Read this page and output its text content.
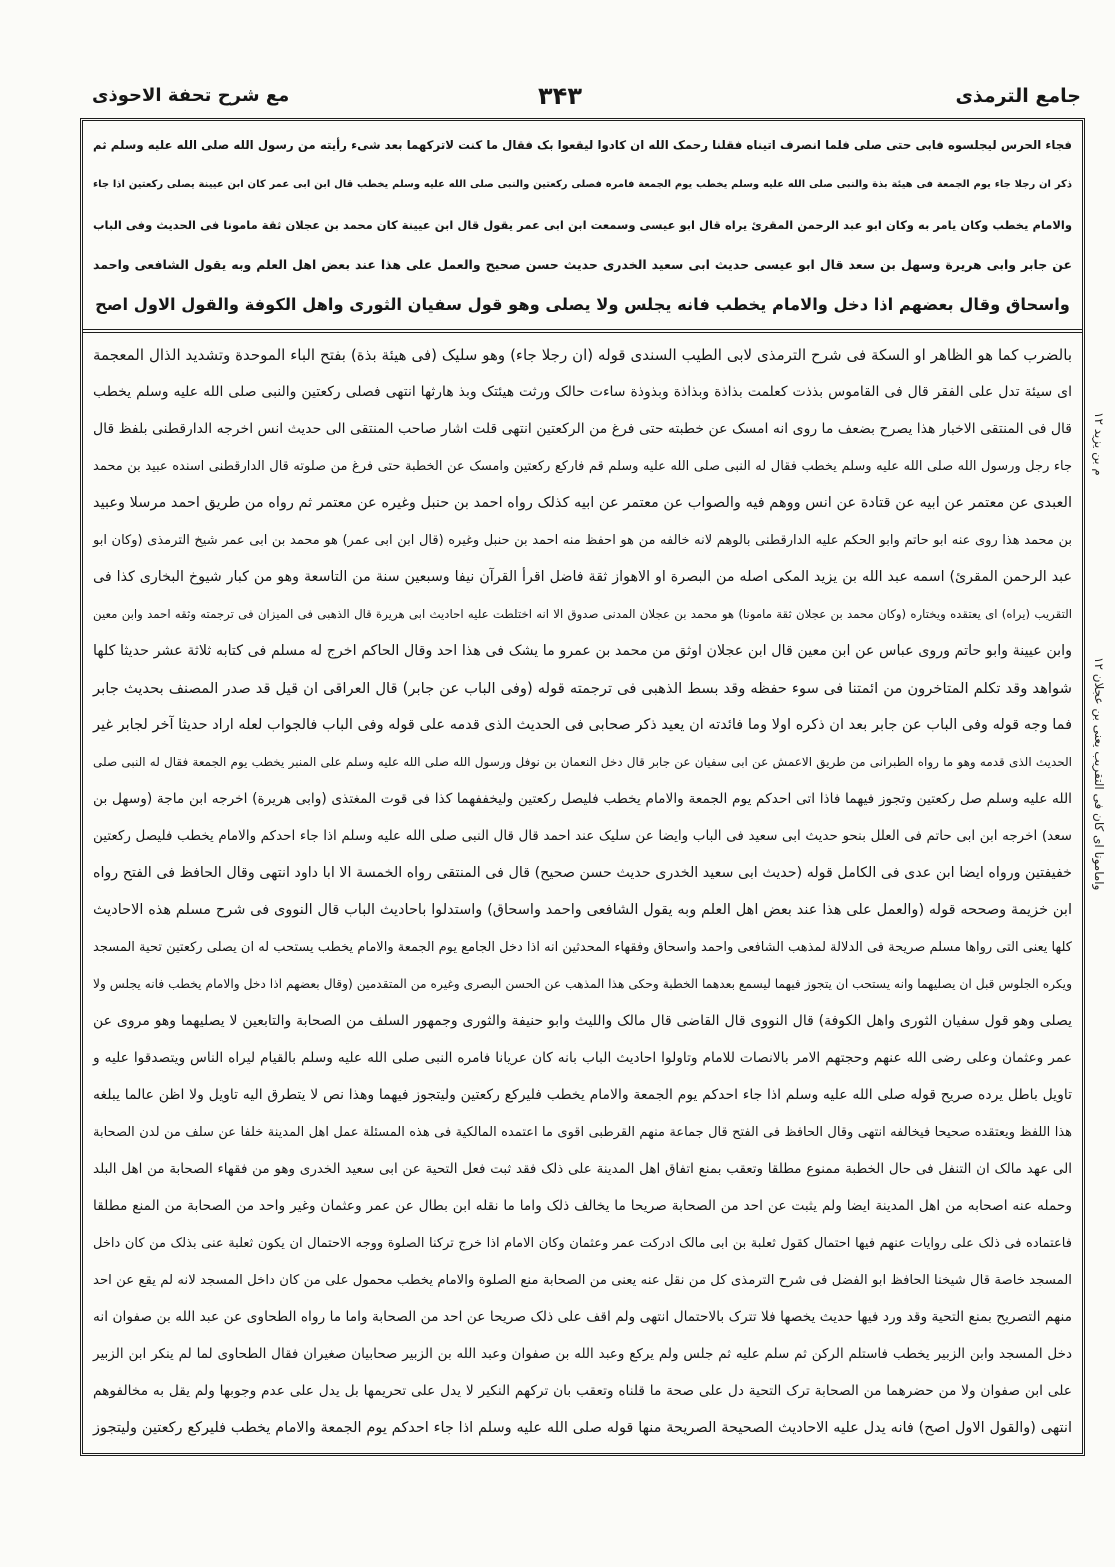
جامع الترمذی
۳۴۳
مع شرح تحفة الاحوذی
فجاء الحرس لیجلسوه فابی حتی صلی فلما انصرف اتیناه فقلنا رحمک الله ان کادوا لیقعوا بک فقال ما کنت لاترکهما بعد شیء رأیته من رسول الله صلی الله علیه وسلم ثم
ذکر ان رجلا جاء یوم الجمعة فی هیئة بذة والنبی صلی الله علیه وسلم یخطب یوم الجمعة فامره فصلی رکعتین والنبی صلی الله علیه وسلم یخطب قال ابن ابی عمر کان ابن عیینة یصلی رکعتین اذا جاء
والامام یخطب وکان یامر به وکان ابو عبد الرحمن المقرئ یراه قال ابو عیسی وسمعت ابن ابی عمر یقول قال ابن عیینة کان محمد بن عجلان ثقة مامونا فی الحدیث وفی الباب
عن جابر وابی هریرة وسهل بن سعد قال ابو عیسی حدیث ابی سعید الخدری حدیث حسن صحیح والعمل علی هذا عند بعض اهل العلم وبه یقول الشافعی واحمد
واسحاق وقال بعضهم اذا دخل والامام یخطب فانه یجلس ولا یصلی وهو قول سفیان الثوری واهل الکوفة والقول الاول اصح
بالضرب کما هو الظاهر او السکة فی شرح الترمذی لابی الطیب السندی قوله (ان رجلا جاء) وهو سلیک (فی هیئة بذة) بفتح الباء الموحدة وتشدید الذال المعجمة
ای سیئة تدل علی الفقر قال فی القاموس بذذت کعلمت بذاذة وبذاذة وبذوذة ساءت حالک ورثت هیئتک وبذ هارثها انتهی فصلی رکعتین والنبی صلی الله علیه وسلم یخطب
قال فی المنتقی الاخبار هذا یصرح بضعف ما روی انه امسک عن خطبته حتی فرغ من الرکعتین انتهی قلت اشار صاحب المنتقی الی حدیث انس اخرجه الدارقطنی بلفظ قال
جاء رجل ورسول الله صلی الله علیه وسلم یخطب فقال له النبی صلی الله علیه وسلم قم فارکع رکعتین وامسک عن الخطبة حتی فرغ من صلوته قال الدارقطنی اسنده عبید بن محمد
العبدی عن معتمر عن ابیه عن قتادة عن انس ووهم فیه والصواب عن معتمر عن ابیه کذلک رواه احمد بن حنبل وغیره عن معتمر ثم رواه من طریق احمد مرسلا وعبید
بن محمد هذا روی عنه ابو حاتم وابو الحکم علیه الدارقطنی بالوهم لانه خالفه من هو احفظ منه احمد بن حنبل وغیره (قال ابن ابی عمر) هو محمد بن ابی عمر شیخ الترمذی (وکان ابو
عبد الرحمن المقرئ) اسمه عبد الله بن یزید المکی اصله من البصرة او الاهواز ثقة فاضل اقرأ القرآن نیفا وسبعین سنة من التاسعة وهو من کبار شیوخ البخاری کذا فی
التقریب (یراه) ای یعتقده ویختاره (وکان محمد بن عجلان ثقة مامونا) هو محمد بن عجلان المدنی صدوق الا انه اختلطت علیه احادیث ابی هریرة قال الذهبی فی المیزان فی ترجمته وثقه احمد وابن معین
وابن عیینة وابو حاتم وروی عباس عن ابن معین قال ابن عجلان اوثق من محمد بن عمرو ما یشک فی هذا احد وقال الحاکم اخرج له مسلم فی کتابه ثلاثة عشر حدیثا کلها
شواهد وقد تکلم المتاخرون من ائمتنا فی سوء حفظه وقد بسط الذهبی فی ترجمته قوله (وفی الباب عن جابر) قال العراقی ان قیل قد صدر المصنف بحدیث جابر
فما وجه قوله وفی الباب عن جابر بعد ان ذکره اولا وما فائدته ان یعید ذکر صحابی فی الحدیث الذی قدمه علی قوله وفی الباب فالجواب لعله اراد حدیثا آخر لجابر غیر
الحدیث الذی قدمه وهو ما رواه الطبرانی من طریق الاعمش عن ابی سفیان عن جابر قال دخل النعمان بن نوفل ورسول الله صلی الله علیه وسلم علی المنبر یخطب یوم الجمعة فقال له النبی صلی
الله علیه وسلم صل رکعتین وتجوز فیهما فاذا اتی احدکم یوم الجمعة والامام یخطب فلیصل رکعتین ولیخففهما کذا فی قوت المغتذی (وابی هریرة) اخرجه ابن ماجة (وسهل بن
سعد) اخرجه ابن ابی حاتم فی العلل بنحو حدیث ابی سعید فی الباب وایضا عن سلیک عند احمد قال قال النبی صلی الله علیه وسلم اذا جاء احدکم والامام یخطب فلیصل رکعتین
خفیفتین ورواه ایضا ابن عدی فی الکامل قوله (حدیث ابی سعید الخدری حدیث حسن صحیح) قال فی المنتقی رواه الخمسة الا ابا داود انتهی وقال الحافظ فی الفتح رواه
ابن خزیمة وصححه قوله (والعمل علی هذا عند بعض اهل العلم وبه یقول الشافعی واحمد واسحاق) واستدلوا باحادیث الباب قال النووی فی شرح مسلم هذه الاحادیث
کلها یعنی التی رواها مسلم صریحة فی الدلالة لمذهب الشافعی واحمد واسحاق وفقهاء المحدثین انه اذا دخل الجامع یوم الجمعة والامام یخطب یستحب له ان یصلی رکعتین تحیة المسجد
ویکره الجلوس قبل ان یصلیهما وانه یستحب ان یتجوز فیهما لیسمع بعدهما الخطبة وحکی هذا المذهب عن الحسن البصری وغیره من المتقدمین (وقال بعضهم اذا دخل والامام یخطب فانه یجلس ولا
یصلی وهو قول سفیان الثوری واهل الکوفة) قال النووی قال القاضی قال مالک واللیث وابو حنیفة والثوری وجمهور السلف من الصحابة والتابعین لا یصلیهما وهو مروی عن
عمر وعثمان وعلی رضی الله عنهم وحجتهم الامر بالانصات للامام وتاولوا احادیث الباب بانه کان عریانا فامره النبی صلی الله علیه وسلم بالقیام لیراه الناس ویتصدقوا علیه و
تاویل باطل یرده صریح قوله صلی الله علیه وسلم اذا جاء احدکم یوم الجمعة والامام یخطب فلیرکع رکعتین ولیتجوز فیهما وهذا نص لا یتطرق الیه تاویل ولا اظن عالما یبلغه
هذا اللفظ ویعتقده صحیحا فیخالفه انتهی وقال الحافظ فی الفتح قال جماعة منهم القرطبی اقوی ما اعتمده المالکیة فی هذه المسئلة عمل اهل المدینة خلفا عن سلف من لدن الصحابة
الی عهد مالک ان التنفل فی حال الخطبة ممنوع مطلقا وتعقب بمنع اتفاق اهل المدینة علی ذلک فقد ثبت فعل التحیة عن ابی سعید الخدری وهو من فقهاء الصحابة من اهل البلد
وحمله عنه اصحابه من اهل المدینة ایضا ولم یثبت عن احد من الصحابة صریحا ما یخالف ذلک واما ما نقله ابن بطال عن عمر وعثمان وغیر واحد من الصحابة من المنع مطلقا
فاعتماده فی ذلک علی روایات عنهم فیها احتمال کقول ثعلبة بن ابی مالک ادرکت عمر وعثمان وکان الامام اذا خرج ترکنا الصلوة ووجه الاحتمال ان یکون ثعلبة عنی بذلک من کان داخل
المسجد خاصة قال شیخنا الحافظ ابو الفضل فی شرح الترمذی کل من نقل عنه یعنی من الصحابة منع الصلوة والامام یخطب محمول علی من کان داخل المسجد لانه لم یقع عن احد
منهم التصریح بمنع التحیة وقد ورد فیها حدیث یخصها فلا تترک بالاحتمال انتهی ولم اقف علی ذلک صریحا عن احد من الصحابة واما ما رواه الطحاوی عن عبد الله بن صفوان انه
دخل المسجد وابن الزبیر یخطب فاستلم الرکن ثم سلم علیه ثم جلس ولم یرکع وعبد الله بن صفوان وعبد الله بن الزبیر صحابیان صغیران فقال الطحاوی لما لم ینکر ابن الزبیر
علی ابن صفوان ولا من حضرهما من الصحابة ترک التحیة دل علی صحة ما قلناه وتعقب بان ترکهم النکیر لا یدل علی تحریمها بل یدل علی عدم وجوبها ولم یقل به مخالفوهم
انتهی (والقول الاول اصح) فانه یدل علیه الاحادیث الصحیحة الصریحة منها قوله صلی الله علیه وسلم اذا جاء احدکم یوم الجمعة والامام یخطب فلیرکع رکعتین ولیتجوز
م بن یزید ۱۲
وامامونا ای کان فی التقریب یعنی بن عجلان ۱۲
